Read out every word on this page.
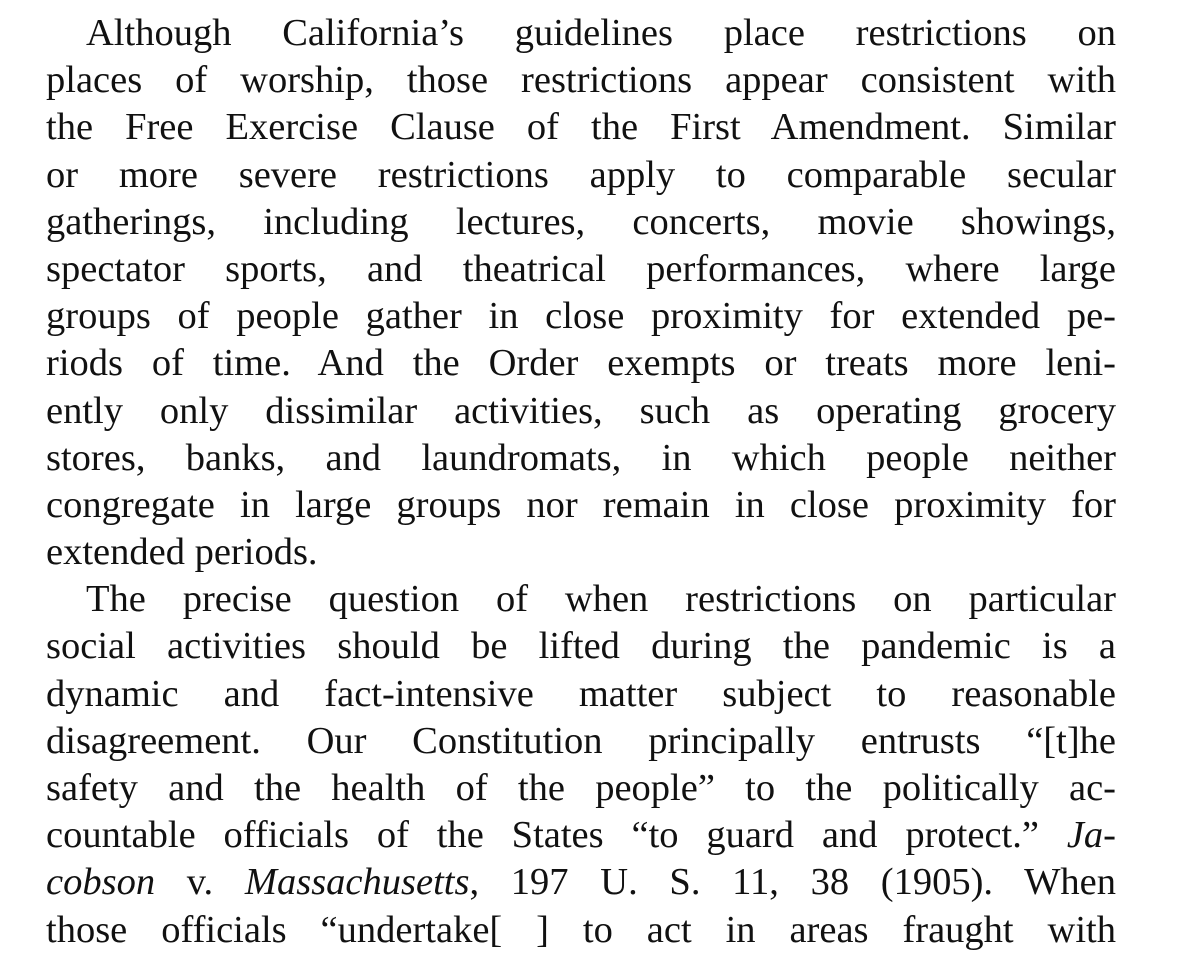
Although California’s guidelines place restrictions on
places of worship, those restrictions appear consistent with
the Free Exercise Clause of the First Amendment. Similar
or more severe restrictions apply to comparable secular
gatherings, including lectures, concerts, movie showings,
spectator sports, and theatrical performances, where large
groups of people gather in close proximity for extended pe-
riods of time. And the Order exempts or treats more leni-
ently only dissimilar activities, such as operating grocery
stores, banks, and laundromats, in which people neither
congregate in large groups nor remain in close proximity for
extended periods.
The precise question of when restrictions on particular
social activities should be lifted during the pandemic is a
dynamic and fact-intensive matter subject to reasonable
disagreement. Our Constitution principally entrusts “[t]he
safety and the health of the people” to the politically ac-
countable officials of the States “to guard and protect.” Ja-
cobson v. Massachusetts, 197 U. S. 11, 38 (1905). When
those officials “undertake[ ] to act in areas fraught with
